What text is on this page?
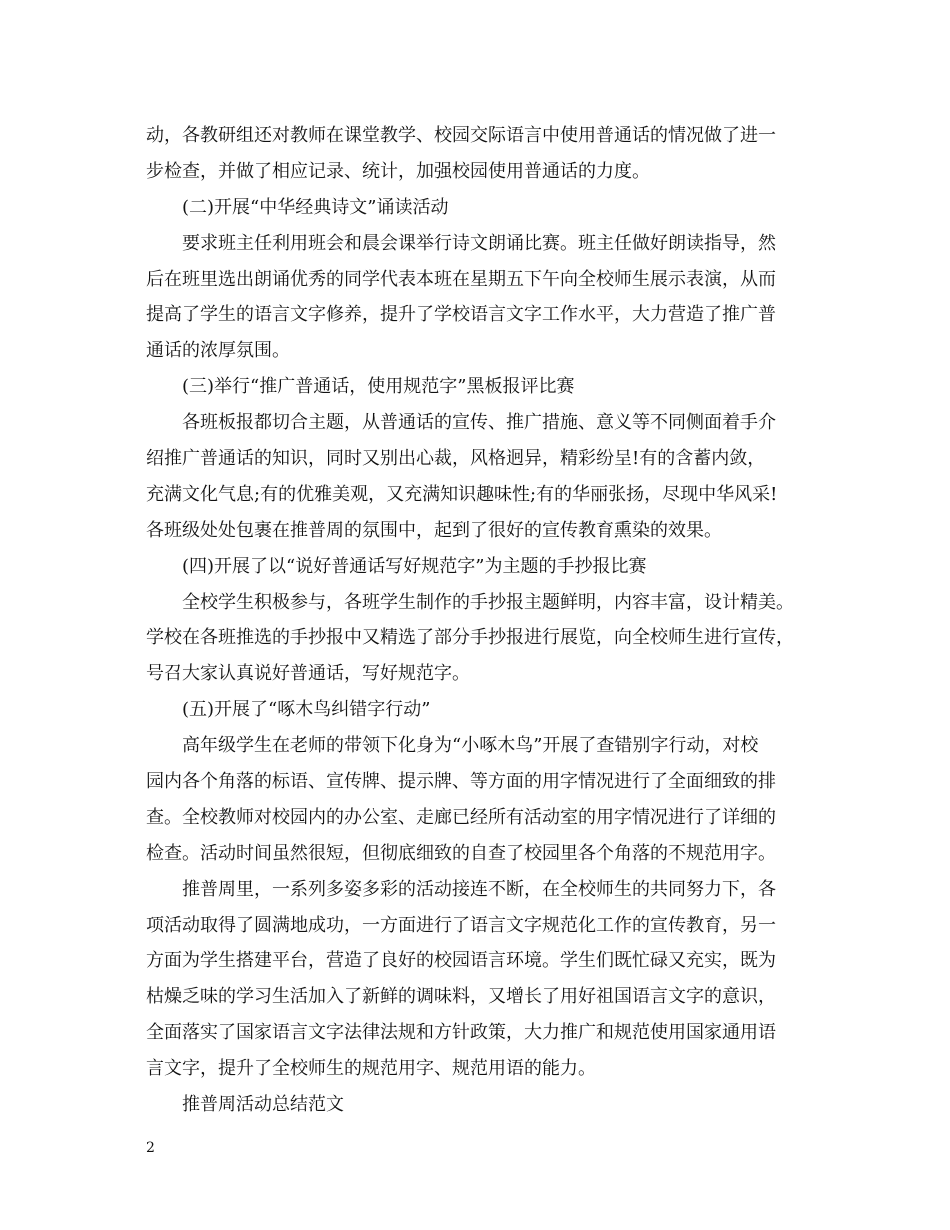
动，各教研组还对教师在课堂教学、校园交际语言中使用普通话的情况做了进一
步检查，并做了相应记录、统计，加强校园使用普通话的力度。
(二)开展“中华经典诗文”诵读活动
要求班主任利用班会和晨会课举行诗文朗诵比赛。班主任做好朗读指导，然
后在班里选出朗诵优秀的同学代表本班在星期五下午向全校师生展示表演，从而
提高了学生的语言文字修养，提升了学校语言文字工作水平，大力营造了推广普
通话的浓厚氛围。
(三)举行“推广普通话，使用规范字”黑板报评比赛
各班板报都切合主题，从普通话的宣传、推广措施、意义等不同侧面着手介
绍推广普通话的知识，同时又别出心裁，风格迥异，精彩纷呈!有的含蓄内敛，
充满文化气息;有的优雅美观，又充满知识趣味性;有的华丽张扬，尽现中华风采!
各班级处处包裹在推普周的氛围中，起到了很好的宣传教育熏染的效果。
(四)开展了以“说好普通话写好规范字”为主题的手抄报比赛
全校学生积极参与，各班学生制作的手抄报主题鲜明，内容丰富，设计精美。
学校在各班推选的手抄报中又精选了部分手抄报进行展览，向全校师生进行宣传，
号召大家认真说好普通话，写好规范字。
(五)开展了“啄木鸟纠错字行动”
高年级学生在老师的带领下化身为“小啄木鸟”开展了查错别字行动，对校
园内各个角落的标语、宣传牌、提示牌、等方面的用字情况进行了全面细致的排
查。全校教师对校园内的办公室、走廊已经所有活动室的用字情况进行了详细的
检查。活动时间虽然很短，但彻底细致的自查了校园里各个角落的不规范用字。
推普周里，一系列多姿多彩的活动接连不断，在全校师生的共同努力下，各
项活动取得了圆满地成功，一方面进行了语言文字规范化工作的宣传教育，另一
方面为学生搭建平台，营造了良好的校园语言环境。学生们既忙碌又充实，既为
枯燥乏味的学习生活加入了新鲜的调味料，又增长了用好祖国语言文字的意识，
全面落实了国家语言文字法律法规和方针政策，大力推广和规范使用国家通用语
言文字，提升了全校师生的规范用字、规范用语的能力。
推普周活动总结范文
2
